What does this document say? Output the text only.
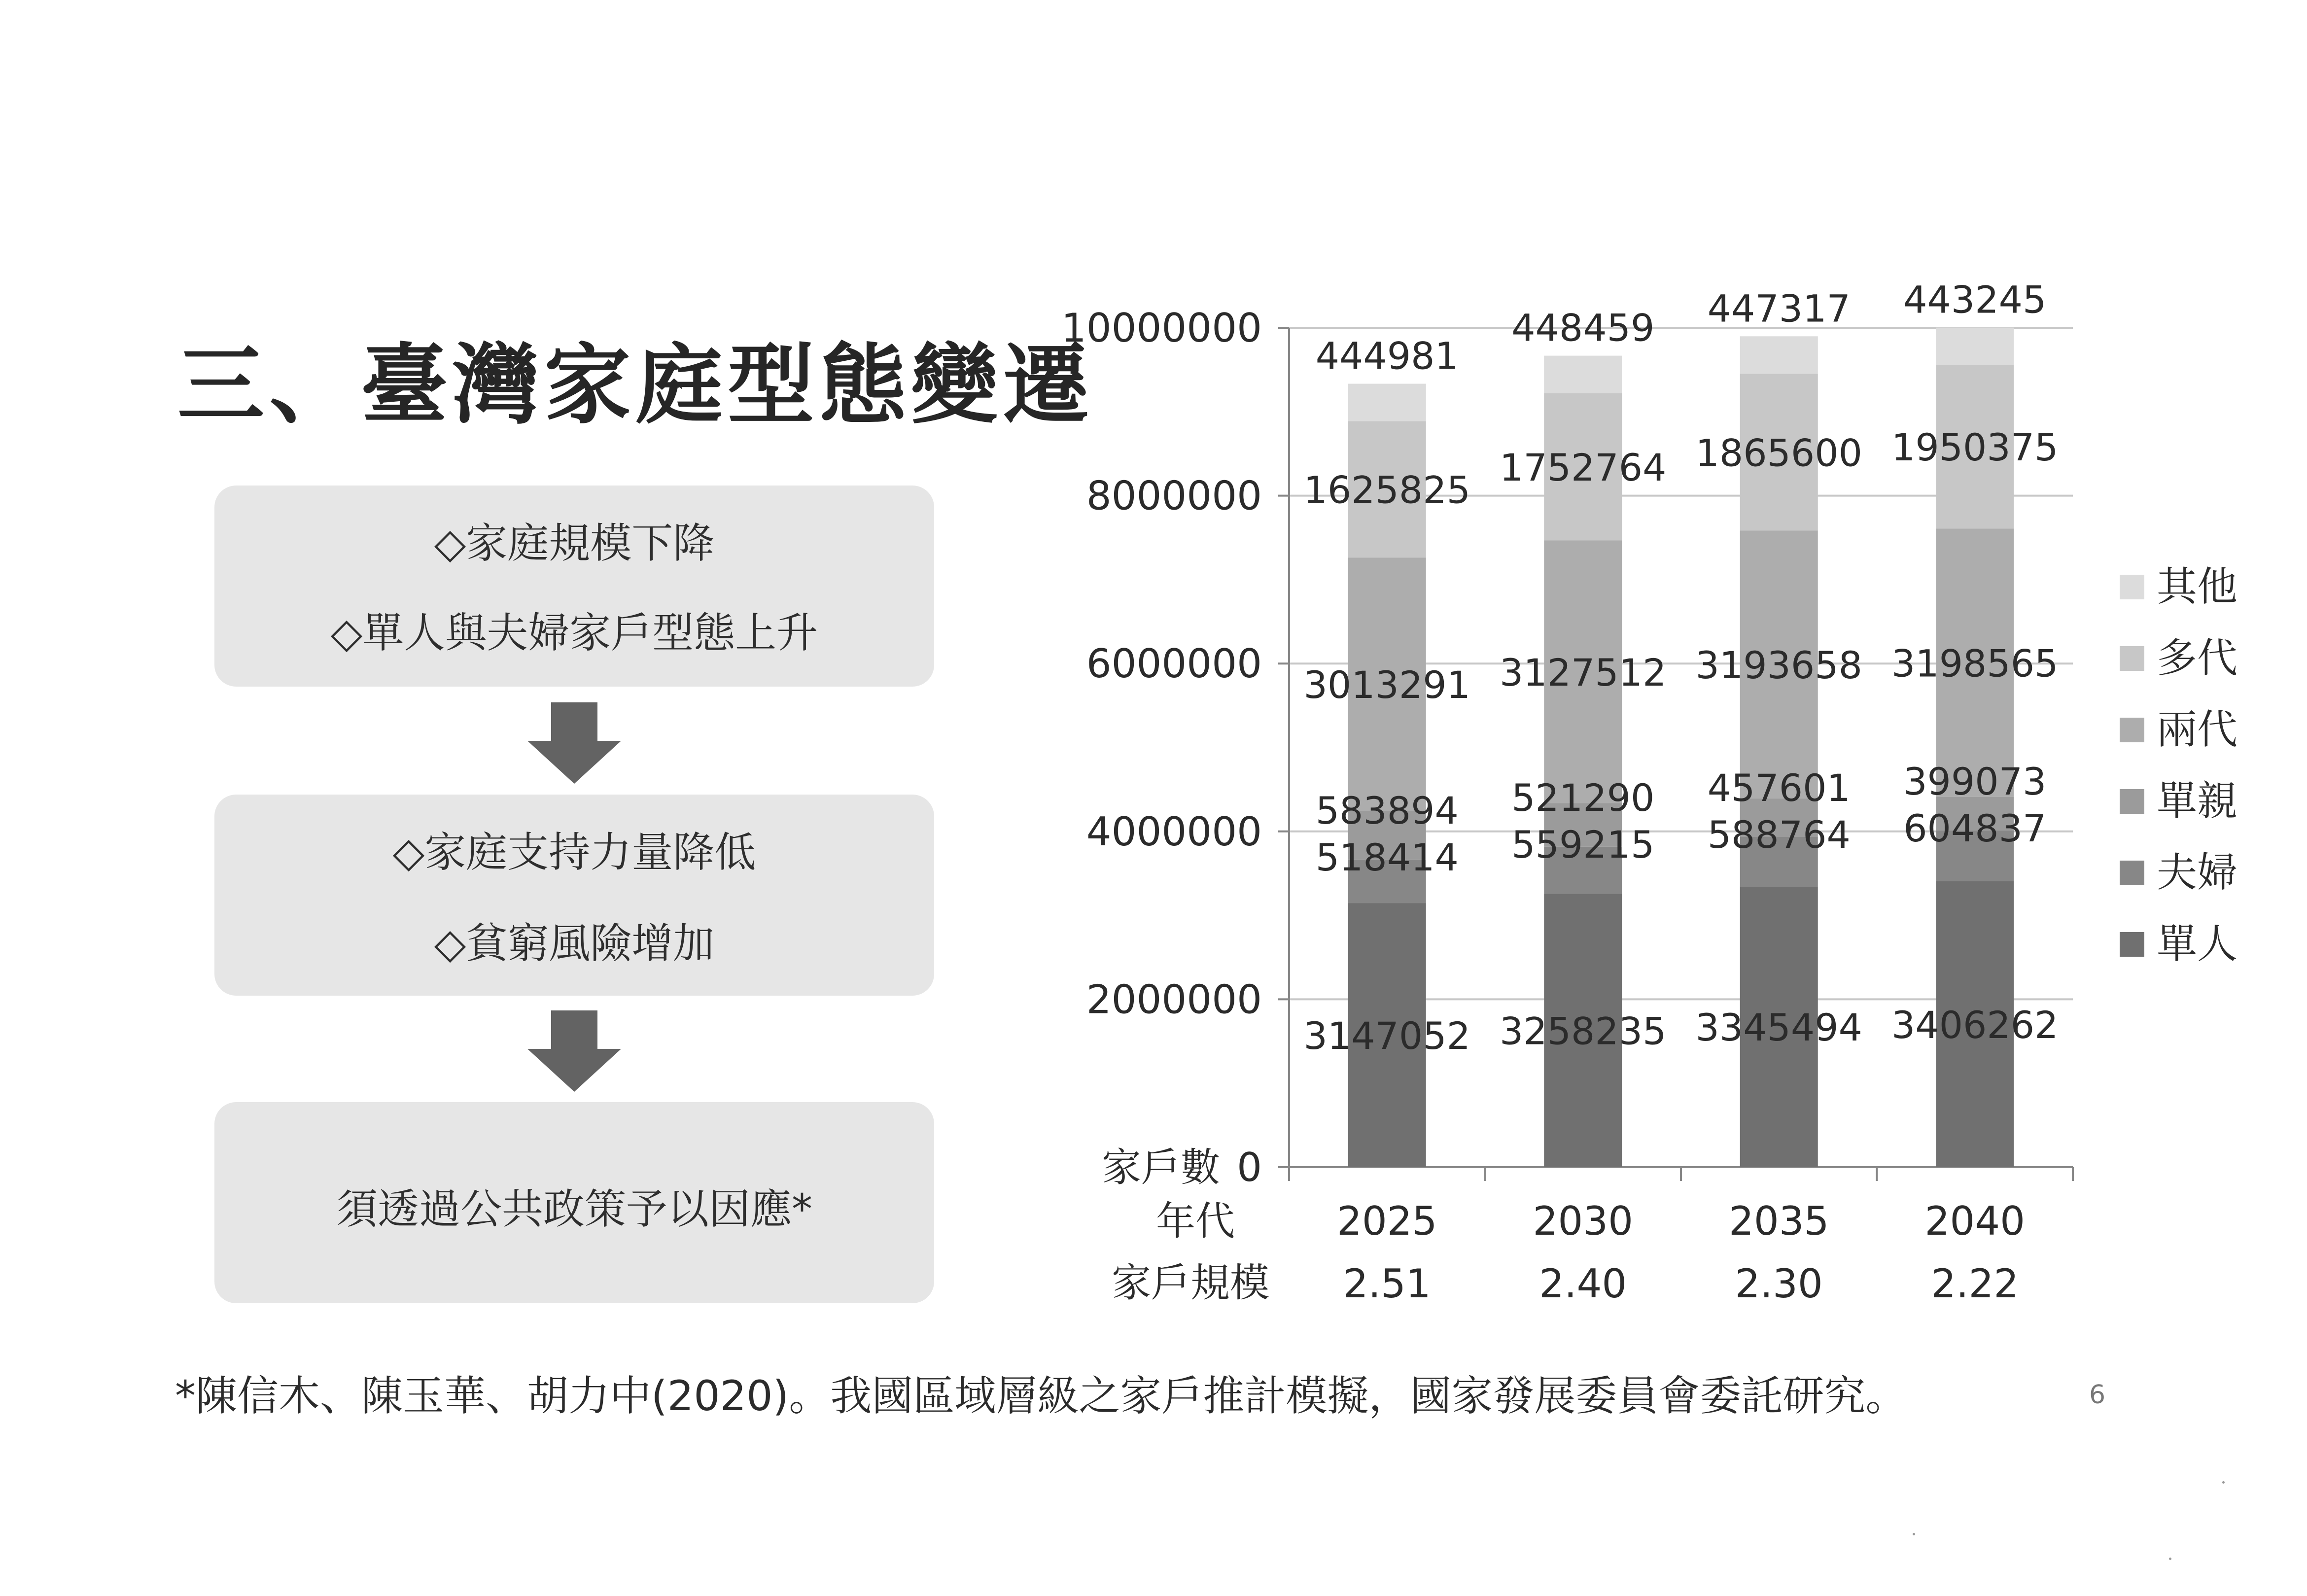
三、臺灣家庭型態變遷
◇家庭規模下降
◇單人與夫婦家戶型態上升
◇家庭支持力量降低
◇貧窮風險增加
須透過公共政策予以因應*
0
2000000
4000000
6000000
8000000
10000000
家戶數
3147052
518414
583894
3013291
1625825
444981
3258235
559215
521290
3127512
1752764
448459
3345494
588764
457601
3193658
1865600
447317
3406262
604837
399073
3198565
1950375
443245
2025
2.51
2030
2.40
2035
2.30
2040
2.22
年代
家戶規模
其他
多代
兩代
單親
夫婦
單人
*陳信木、陳玉華、胡力中(2020)。我國區域層級之家戶推計模擬，國家發展委員會委託研究。	6
